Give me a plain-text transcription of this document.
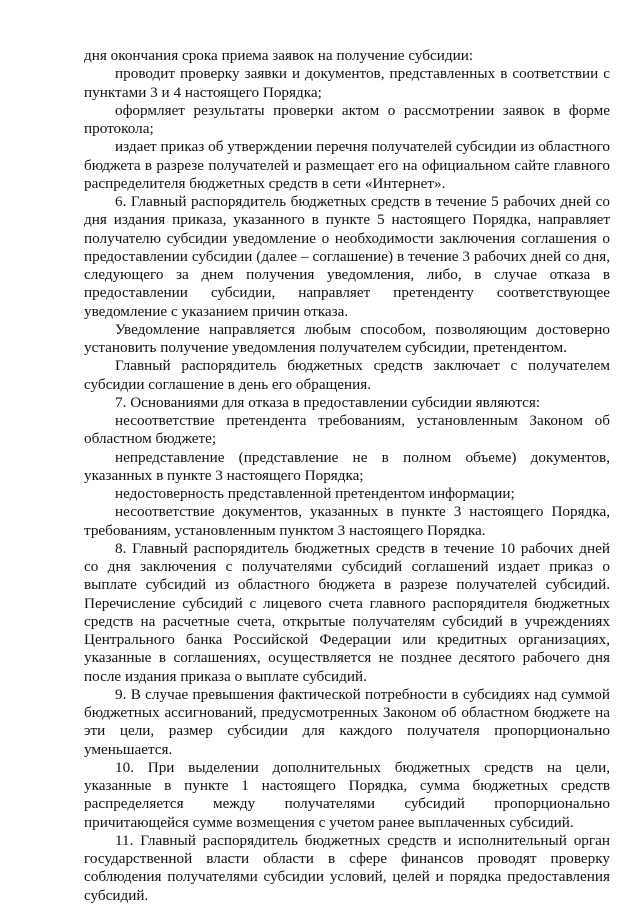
дня окончания срока приема заявок на получение субсидии:

проводит проверку заявки и документов, представленных в соответствии с пунктами 3 и 4 настоящего Порядка;

оформляет результаты проверки актом о рассмотрении заявок в форме протокола;

издает приказ об утверждении перечня получателей субсидии из областного бюджета в разрезе получателей и размещает его на официальном сайте главного распределителя бюджетных средств в сети «Интернет».

6. Главный распорядитель бюджетных средств в течение 5 рабочих дней со дня издания приказа, указанного в пункте 5 настоящего Порядка, направляет получателю субсидии уведомление о необходимости заключения соглашения о предоставлении субсидии (далее – соглашение) в течение 3 рабочих дней со дня, следующего за днем получения уведомления, либо, в случае отказа в предоставлении субсидии, направляет претенденту соответствующее уведомление с указанием причин отказа.

Уведомление направляется любым способом, позволяющим достоверно установить получение уведомления получателем субсидии, претендентом.

Главный распорядитель бюджетных средств заключает с получателем субсидии соглашение в день его обращения.

7. Основаниями для отказа в предоставлении субсидии являются:

несоответствие претендента требованиям, установленным Законом об областном бюджете;

непредставление (представление не в полном объеме) документов, указанных в пункте 3 настоящего Порядка;

недостоверность представленной претендентом информации;

несоответствие документов, указанных в пункте 3 настоящего Порядка, требованиям, установленным пунктом 3 настоящего Порядка.

8. Главный распорядитель бюджетных средств в течение 10 рабочих дней со дня заключения с получателями субсидий соглашений издает приказ о выплате субсидий из областного бюджета в разрезе получателей субсидий. Перечисление субсидий с лицевого счета главного распорядителя бюджетных средств на расчетные счета, открытые получателям субсидий в учреждениях Центрального банка Российской Федерации или кредитных организациях, указанные в соглашениях, осуществляется не позднее десятого рабочего дня после издания приказа о выплате субсидий.

9. В случае превышения фактической потребности в субсидиях над суммой бюджетных ассигнований, предусмотренных Законом об областном бюджете на эти цели, размер субсидии для каждого получателя пропорционально уменьшается.

10. При выделении дополнительных бюджетных средств на цели, указанные в пункте 1 настоящего Порядка, сумма бюджетных средств распределяется между получателями субсидий пропорционально причитающейся сумме возмещения с учетом ранее выплаченных субсидий.

11. Главный распорядитель бюджетных средств и исполнительный орган государственной власти области в сфере финансов проводят проверку соблюдения получателями субсидии условий, целей и порядка предоставления субсидий.
